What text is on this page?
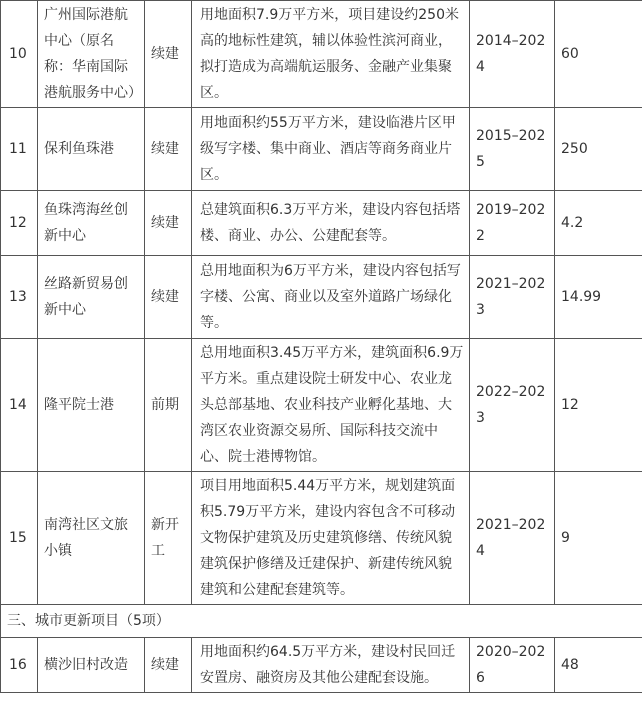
10	广州国际港航中心（原名称：华南国际港航服务中心）	续建	用地面积7.9万平方米，项目建设约250米高的地标性建筑，辅以体验性滨河商业，拟打造成为高端航运服务、金融产业集聚区。	2014–2024	60
11	保利鱼珠港	续建	用地面积约55万平方米，建设临港片区甲级写字楼、集中商业、酒店等商务商业片区。	2015–2025	250
12	鱼珠湾海丝创新中心	续建	总建筑面积6.3万平方米，建设内容包括塔楼、商业、办公、公建配套等。	2019–2022	4.2
13	丝路新贸易创新中心	续建	总用地面积为6万平方米，建设内容包括写字楼、公寓、商业以及室外道路广场绿化等。	2021–2023	14.99
14	隆平院士港	前期	总用地面积3.45万平方米，建筑面积6.9万平方米。重点建设院士研发中心、农业龙头总部基地、农业科技产业孵化基地、大湾区农业资源交易所、国际科技交流中心、院士港博物馆。	2022–2023	12
15	南湾社区文旅小镇	新开工	项目用地面积5.44万平方米，规划建筑面积5.79万平方米，建设内容包含不可移动文物保护建筑及历史建筑修缮、传统风貌建筑保护修缮及迁建保护、新建传统风貌建筑和公建配套建筑等。	2021–2024	9
三、城市更新项目（5项）					
16	横沙旧村改造	续建	用地面积约64.5万平方米，建设村民回迁安置房、融资房及其他公建配套设施。	2020–2026	48
